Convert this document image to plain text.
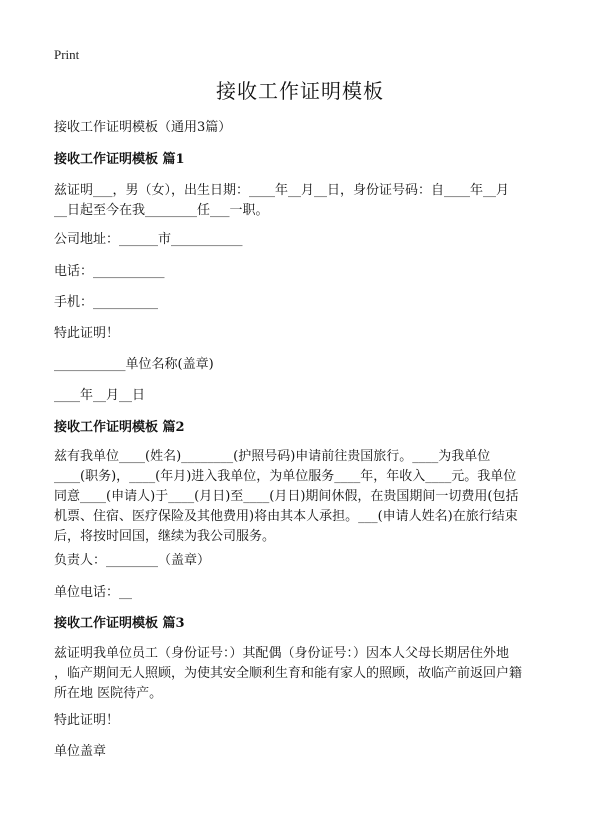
Print
接收工作证明模板
接收工作证明模板（通用3篇）
接收工作证明模板 篇1
兹证明___，男（女），出生日期：____年__月__日，身份证号码：自____年__月
__日起至今在我________任___一职。
公司地址：______市___________
电话：___________
手机：__________
特此证明！
___________单位名称(盖章)
____年__月__日
接收工作证明模板 篇2
兹有我单位____(姓名)________(护照号码)申请前往贵国旅行。____为我单位
____(职务)，____(年月)进入我单位，为单位服务____年，年收入____元。我单位
同意____(申请人)于____(月日)至____(月日)期间休假，在贵国期间一切费用(包括
机票、住宿、医疗保险及其他费用)将由其本人承担。___(申请人姓名)在旅行结束
后，将按时回国，继续为我公司服务。
负责人：________（盖章）
单位电话：__
接收工作证明模板 篇3
兹证明我单位员工（身份证号：）其配偶（身份证号：）因本人父母长期居住外地
，临产期间无人照顾，为使其安全顺利生育和能有家人的照顾，故临产前返回户籍
所在地 医院待产。
特此证明！
单位盖章
